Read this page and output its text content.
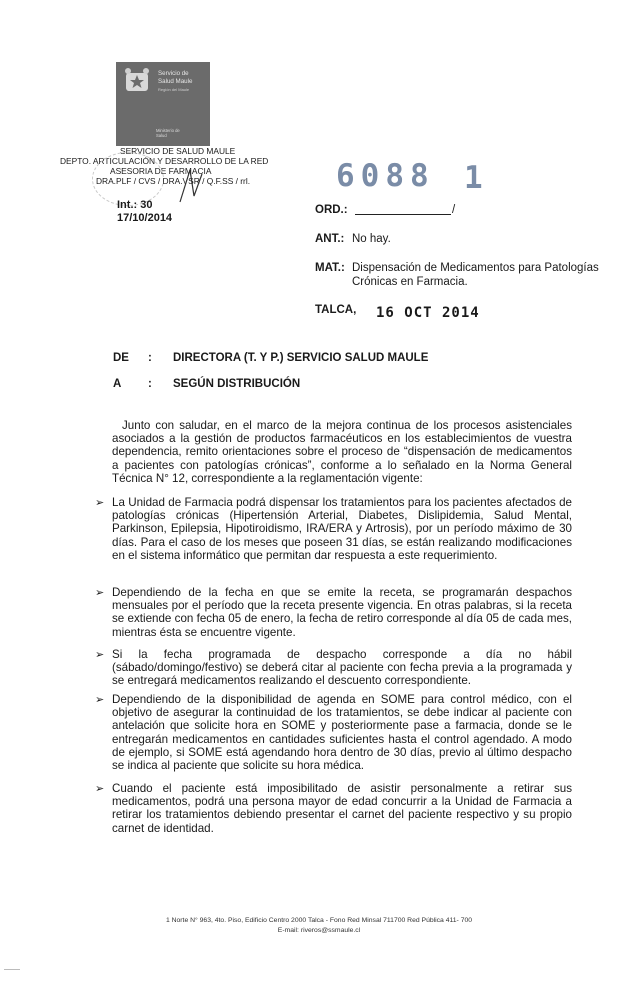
Servicio de
Salud Maule
Región del Maule
Ministerio de
Salud
SERVICIO DE SALUD MAULE
DEPTO. ARTICULACIÓN Y DESARROLLO DE LA RED
ASESORIA DE FARMACIA
DRA.PLF / CVS / DRA.VSR / Q.F.SS / rrl.	6088 1
Int.: 30
17/10/2014
ORD.:	/
ANT.: No hay.
MAT.: Dispensación de Medicamentos para Patologías
Crónicas en Farmacia.
TALCA, 16 OCT 2014
DE : DIRECTORA (T. Y P.) SERVICIO SALUD MAULE
A : SEGÚN DISTRIBUCIÓN
Junto con saludar, en el marco de la mejora continua de los procesos asistenciales asociados a la gestión de productos farmacéuticos en los establecimientos de vuestra dependencia, remito orientaciones sobre el proceso de “dispensación de medicamentos a pacientes con patologías crónicas”, conforme a lo señalado en la Norma General Técnica N° 12, correspondiente a la reglamentación vigente:
➢ La Unidad de Farmacia podrá dispensar los tratamientos para los pacientes afectados de patologías crónicas (Hipertensión Arterial, Diabetes, Dislipidemia, Salud Mental, Parkinson, Epilepsia, Hipotiroidismo, IRA/ERA y Artrosis), por un período máximo de 30 días. Para el caso de los meses que poseen 31 días, se están realizando modificaciones en el sistema informático que permitan dar respuesta a este requerimiento.
➢ Dependiendo de la fecha en que se emite la receta, se programarán despachos mensuales por el período que la receta presente vigencia. En otras palabras, si la receta se extiende con fecha 05 de enero, la fecha de retiro corresponde al día 05 de cada mes, mientras ésta se encuentre vigente.
➢ Si la fecha programada de despacho corresponde a día no hábil (sábado/domingo/festivo) se deberá citar al paciente con fecha previa a la programada y se entregará medicamentos realizando el descuento correspondiente.
➢ Dependiendo de la disponibilidad de agenda en SOME para control médico, con el objetivo de asegurar la continuidad de los tratamientos, se debe indicar al paciente con antelación que solicite hora en SOME y posteriormente pase a farmacia, donde se le entregarán medicamentos en cantidades suficientes hasta el control agendado. A modo de ejemplo, si SOME está agendando hora dentro de 30 días, previo al último despacho se indica al paciente que solicite su hora médica.
➢ Cuando el paciente está imposibilitado de asistir personalmente a retirar sus medicamentos, podrá una persona mayor de edad concurrir a la Unidad de Farmacia a retirar los tratamientos debiendo presentar el carnet del paciente respectivo y su propio carnet de identidad.
1 Norte N° 963, 4to. Piso, Edificio Centro 2000 Talca - Fono Red Minsal 711700 Red Pública 411- 700
E-mail: riveros@ssmaule.cl
